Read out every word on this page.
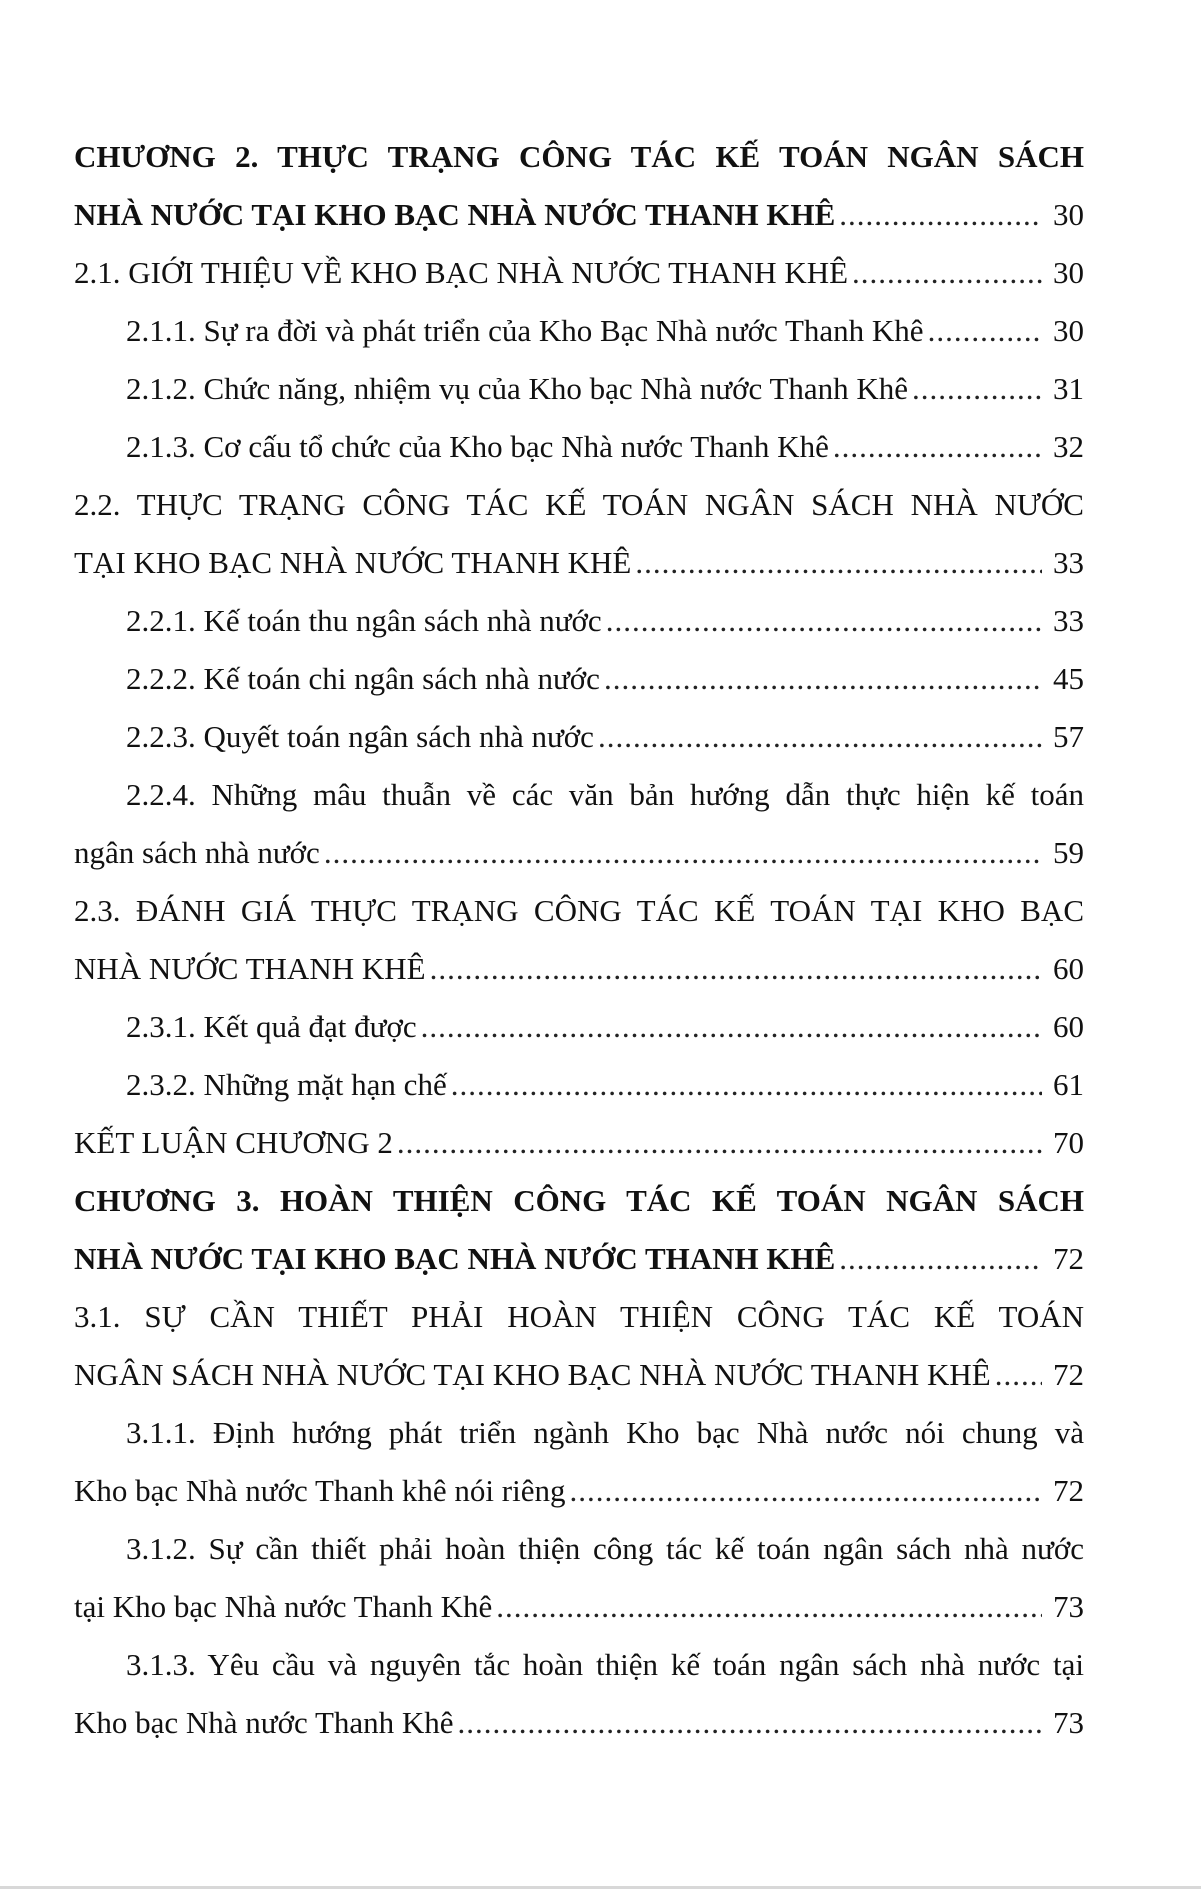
CHƯƠNG 2. THỰC TRẠNG CÔNG TÁC KẾ TOÁN NGÂN SÁCH
NHÀ NƯỚC TẠI KHO BẠC NHÀ NƯỚC THANH KHÊ .....	30
2.1. GIỚI THIỆU VỀ KHO BẠC NHÀ NƯỚC THANH KHÊ .....	30
2.1.1. Sự ra đời và phát triển của Kho Bạc Nhà nước Thanh Khê .....	30
2.1.2. Chức năng, nhiệm vụ của Kho bạc Nhà nước Thanh Khê .....	31
2.1.3. Cơ cấu tổ chức của Kho bạc Nhà nước Thanh Khê .....	32
2.2. THỰC TRẠNG CÔNG TÁC KẾ TOÁN NGÂN SÁCH NHÀ NƯỚC
TẠI KHO BẠC NHÀ NƯỚC THANH KHÊ .....	33
2.2.1. Kế toán thu ngân sách nhà nước .....	33
2.2.2. Kế toán chi ngân sách nhà nước .....	45
2.2.3. Quyết toán ngân sách nhà nước .....	57
2.2.4. Những mâu thuẫn về các văn bản hướng dẫn thực hiện kế toán
ngân sách nhà nước .....	59
2.3. ĐÁNH GIÁ THỰC TRẠNG CÔNG TÁC KẾ TOÁN TẠI KHO BẠC
NHÀ NƯỚC THANH KHÊ .....	60
2.3.1. Kết quả đạt được .....	60
2.3.2. Những mặt hạn chế .....	61
KẾT LUẬN CHƯƠNG 2 .....	70
CHƯƠNG 3. HOÀN THIỆN CÔNG TÁC KẾ TOÁN NGÂN SÁCH
NHÀ NƯỚC TẠI KHO BẠC NHÀ NƯỚC THANH KHÊ .....	72
3.1. SỰ CẦN THIẾT PHẢI HOÀN THIỆN CÔNG TÁC KẾ TOÁN
NGÂN SÁCH NHÀ NƯỚC TẠI KHO BẠC NHÀ NƯỚC THANH KHÊ ..... 72
3.1.1. Định hướng phát triển ngành Kho bạc Nhà nước nói chung và
Kho bạc Nhà nước Thanh khê nói riêng .....	72
3.1.2. Sự cần thiết phải hoàn thiện công tác kế toán ngân sách nhà nước
tại Kho bạc Nhà nước Thanh Khê .....	73
3.1.3. Yêu cầu và nguyên tắc hoàn thiện kế toán ngân sách nhà nước tại
Kho bạc Nhà nước Thanh Khê .....	73
